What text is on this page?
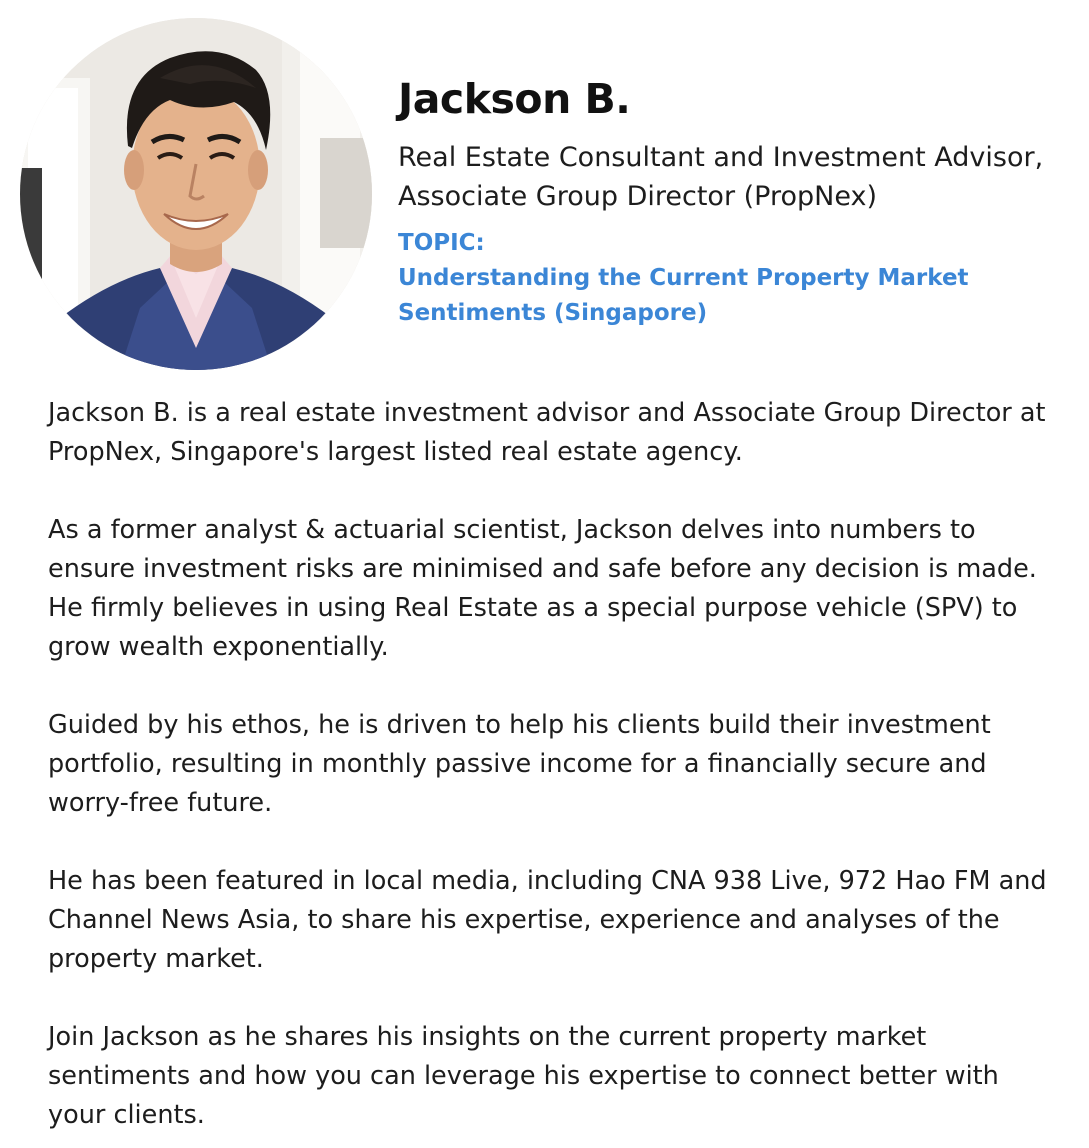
Jackson B.
Real Estate Consultant and Investment Advisor, Associate Group Director (PropNex)
TOPIC:
Understanding the Current Property Market Sentiments (Singapore)

Jackson B. is a real estate investment advisor and Associate Group Director at PropNex, Singapore's largest listed real estate agency.

As a former analyst & actuarial scientist, Jackson delves into numbers to ensure investment risks are minimised and safe before any decision is made. He firmly believes in using Real Estate as a special purpose vehicle (SPV) to grow wealth exponentially.

Guided by his ethos, he is driven to help his clients build their investment portfolio, resulting in monthly passive income for a financially secure and worry-free future.

He has been featured in local media, including CNA 938 Live, 972 Hao FM and Channel News Asia, to share his expertise, experience and analyses of the property market.

Join Jackson as he shares his insights on the current property market sentiments and how you can leverage his expertise to connect better with your clients.
